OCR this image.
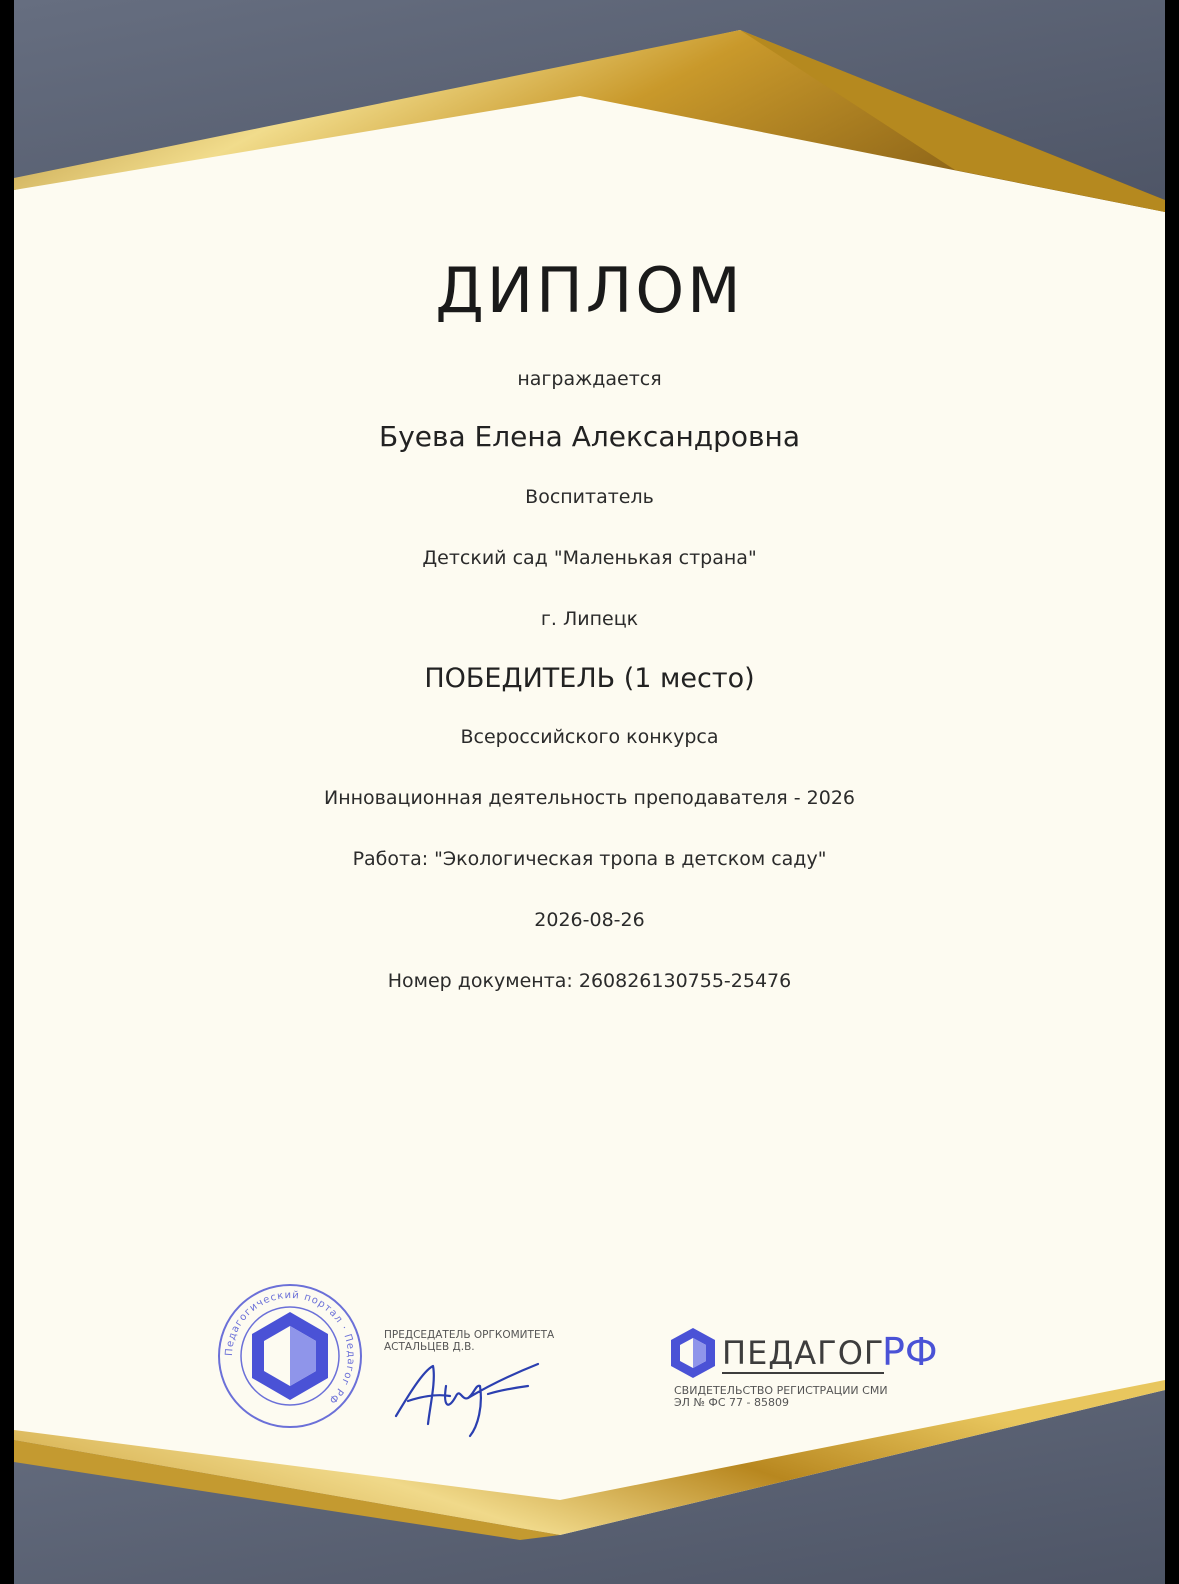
ДИПЛОМ
награждается
Буева Елена Александровна
Воспитатель
Детский сад "Маленькая страна"
г. Липецк
ПОБЕДИТЕЛЬ (1 место)
Всероссийского конкурса
Инновационная деятельность преподавателя - 2026
Работа: "Экологическая тропа в детском саду"
2026-08-26
Номер документа: 260826130755-25476
Педагогический портал · Педагог РФ
ПРЕДСЕДАТЕЛЬ ОРГКОМИТЕТА
АСТАЛЬЦЕВ Д.В.	ПЕДАГОГ
РФ
СВИДЕТЕЛЬСТВО РЕГИСТРАЦИИ СМИ
ЭЛ № ФС 77 - 85809
